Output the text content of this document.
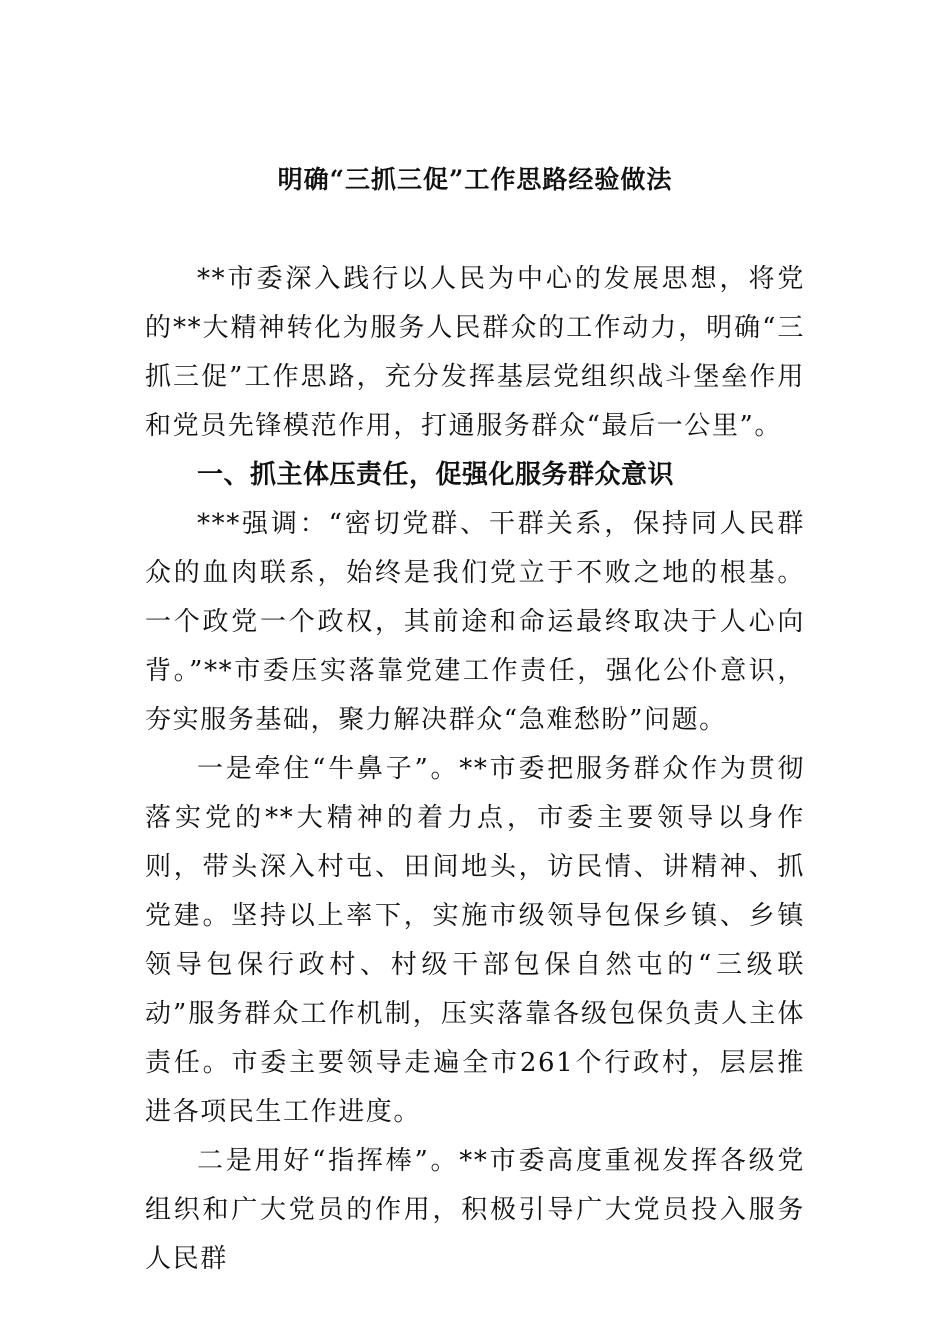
明确“三抓三促”工作思路经验做法

**市委深入践行以人民为中心的发展思想，将党的**大精神转化为服务人民群众的工作动力，明确“三抓三促”工作思路，充分发挥基层党组织战斗堡垒作用和党员先锋模范作用，打通服务群众“最后一公里”。

一、抓主体压责任，促强化服务群众意识

***强调：“密切党群、干群关系，保持同人民群众的血肉联系，始终是我们党立于不败之地的根基。一个政党一个政权，其前途和命运最终取决于人心向背。”**市委压实落靠党建工作责任，强化公仆意识，夯实服务基础，聚力解决群众“急难愁盼”问题。

一是牵住“牛鼻子”。**市委把服务群众作为贯彻落实党的**大精神的着力点，市委主要领导以身作则，带头深入村屯、田间地头，访民情、讲精神、抓党建。坚持以上率下，实施市级领导包保乡镇、乡镇领导包保行政村、村级干部包保自然屯的“三级联动”服务群众工作机制，压实落靠各级包保负责人主体责任。市委主要领导走遍全市261个行政村，层层推进各项民生工作进度。

二是用好“指挥棒”。**市委高度重视发挥各级党组织和广大党员的作用，积极引导广大党员投入服务人民群
